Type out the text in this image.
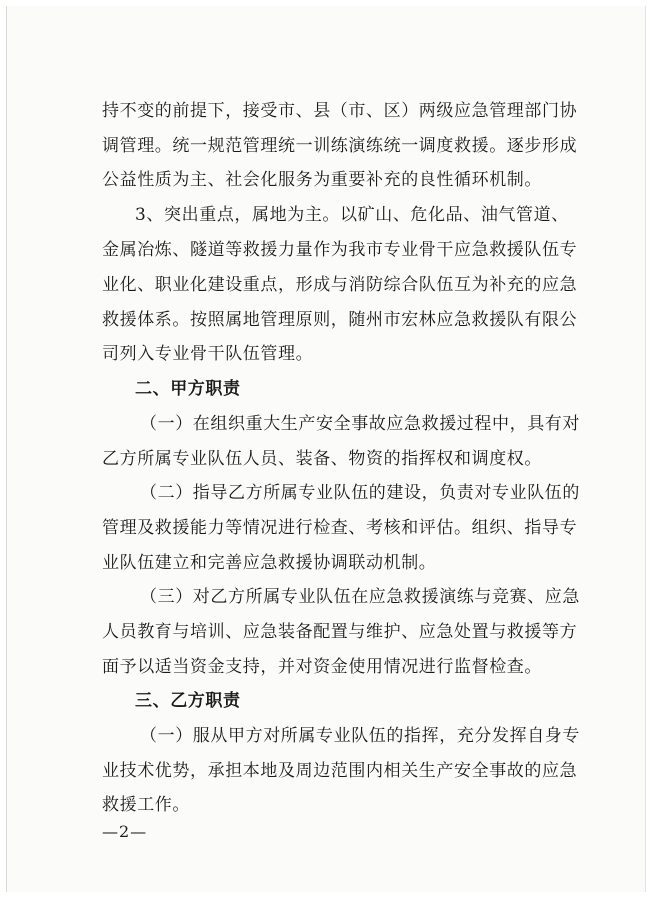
持不变的前提下，接受市、县（市、区）两级应急管理部门协

调管理。统一规范管理统一训练演练统一调度救援。逐步形成

公益性质为主、社会化服务为重要补充的良性循环机制。

3、突出重点，属地为主。以矿山、危化品、油气管道、

金属冶炼、隧道等救援力量作为我市专业骨干应急救援队伍专

业化、职业化建设重点，形成与消防综合队伍互为补充的应急

救援体系。按照属地管理原则，随州市宏林应急救援队有限公

司列入专业骨干队伍管理。

二、甲方职责

（一）在组织重大生产安全事故应急救援过程中，具有对

乙方所属专业队伍人员、装备、物资的指挥权和调度权。

（二）指导乙方所属专业队伍的建设，负责对专业队伍的

管理及救援能力等情况进行检查、考核和评估。组织、指导专

业队伍建立和完善应急救援协调联动机制。

（三）对乙方所属专业队伍在应急救援演练与竞赛、应急

人员教育与培训、应急装备配置与维护、应急处置与救援等方

面予以适当资金支持，并对资金使用情况进行监督检查。

三、乙方职责

（一）服从甲方对所属专业队伍的指挥，充分发挥自身专

业技术优势，承担本地及周边范围内相关生产安全事故的应急

救援工作。

—2—
